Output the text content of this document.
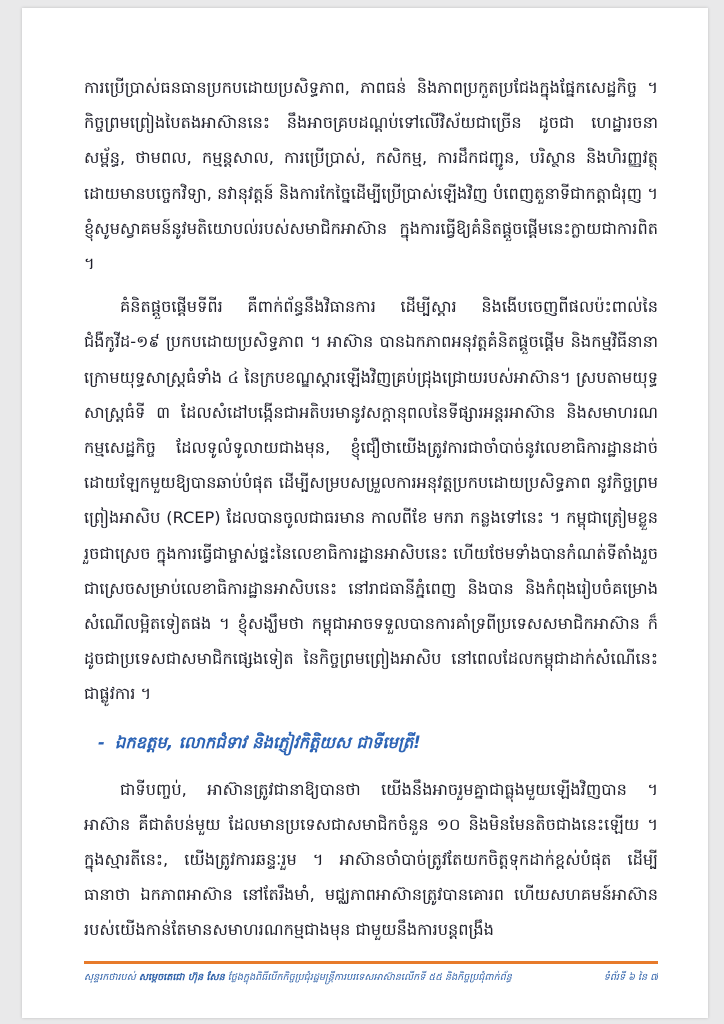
ការប្រើប្រាស់ធនធានប្រកបដោយប្រសិទ្ធភាព, ភាពធន់ និងភាពប្រកួតប្រជែងក្នុងផ្នែកសេដ្ឋកិច្ច ។ កិច្ចព្រមព្រៀងបៃតងអាស៊ាននេះ នឹងអាចគ្របដណ្ដប់ទៅលើវិស័យជាច្រើន ដូចជា ហេដ្ឋារចនាសម្ព័ន្ធ, ថាមពល, កម្មន្តសាល, ការប្រើប្រាស់, កសិកម្ម, ការដឹកជញ្ជូន, បរិស្ថាន និងហិរញ្ញវត្ថុ ដោយមានបច្ចេកវិទ្យា, នវានុវត្តន៍ និងការកែច្នៃដើម្បីប្រើប្រាស់ឡើងវិញ បំពេញតួនាទីជាកត្តាជំរុញ ។ ខ្ញុំសូមស្វាគមន៍នូវមតិយោបល់របស់សមាជិកអាស៊ាន ក្នុងការធ្វើឱ្យគំនិតផ្តួចផ្តើមនេះក្លាយជាការពិត ។

គំនិតផ្តួចផ្តើមទីពីរ គឺពាក់ព័ន្ធនឹងវិធានការ ដើម្បីស្តារ និងងើបចេញពីផលប៉ះពាល់នៃជំងឺកូវីដ-១៩ ប្រកបដោយប្រសិទ្ធភាព ។ អាស៊ាន បានឯកភាពអនុវត្តគំនិតផ្តួចផ្តើម និងកម្មវិធីនានា ក្រោមយុទ្ធសាស្ត្រធំទាំង ៤ នៃក្របខណ្ឌស្តារឡើងវិញគ្រប់ជ្រុងជ្រោយរបស់អាស៊ាន។ ស្របតាមយុទ្ធសាស្ត្រធំទី ៣ ដែលសំដៅបង្កើនជាអតិបរមានូវសក្តានុពលនៃទីផ្សារអន្តរអាស៊ាន និងសមាហរណកម្មសេដ្ឋកិច្ច ដែលទូលំទូលាយជាងមុន, ខ្ញុំជឿថាយើងត្រូវការជាចាំបាច់នូវលេខាធិការដ្ឋានដាច់ដោយឡែកមួយឱ្យបានឆាប់បំផុត ដើម្បីសម្របសម្រួលការអនុវត្តប្រកបដោយប្រសិទ្ធភាព នូវកិច្ចព្រមព្រៀងអាសិប (RCEP) ដែលបានចូលជាធរមាន កាលពីខែ មករា កន្លងទៅនេះ ។ កម្ពុជាត្រៀមខ្លួនរួចជាស្រេច ក្នុងការធ្វើជាម្ចាស់ផ្ទះនៃលេខាធិការដ្ឋានអាសិបនេះ ហើយថែមទាំងបានកំណត់ទីតាំងរួចជាស្រេចសម្រាប់លេខាធិការដ្ឋានអាសិបនេះ នៅរាជធានីភ្នំពេញ និងបាន និងកំពុងរៀបចំគម្រោងសំណើលម្អិតទៀតផង ។ ខ្ញុំសង្ឃឹមថា កម្ពុជាអាចទទួលបានការគាំទ្រពីប្រទេសសមាជិកអាស៊ាន ក៏ដូចជាប្រទេសជាសមាជិកផ្សេងទៀត នៃកិច្ចព្រមព្រៀងអាសិប នៅពេលដែលកម្ពុជាដាក់សំណើនេះជាផ្លូវការ ។

- ឯកឧត្តម, លោកជំទាវ និងភ្ញៀវកិត្តិយស ជាទីមេត្រី!

ជាទីបញ្ចប់, អាស៊ានត្រូវជានាឱ្យបានថា យើងនឹងអាចរួមគ្នាជាធ្លុងមួយឡើងវិញបាន ។ អាស៊ាន គឺជាតំបន់មួយ ដែលមានប្រទេសជាសមាជិកចំនួន ១០ និងមិនមែនតិចជាងនេះឡើយ ។ ក្នុងស្មារតីនេះ, យើងត្រូវការឆន្ទៈរួម ។ អាស៊ានចាំបាច់ត្រូវតែយកចិត្តទុកដាក់ខ្ពស់បំផុត ដើម្បីធានាថា ឯកភាពអាស៊ាន នៅតែរឹងមាំ, មជ្ឈភាពអាស៊ានត្រូវបានគោរព ហើយសហគមន៍អាស៊ានរបស់យើងកាន់តែមានសមាហរណកម្មជាងមុន ជាមួយនឹងការបន្តពង្រឹង

សុន្ទរកថារបស់ សម្តេចតេជោ ហ៊ុន សែន ថ្លែងក្នុងពិធីបើកកិច្ចប្រជុំរដ្ឋមន្ត្រីការបរទេសអាស៊ានលើកទី ៥៥ និងកិច្ចប្រជុំពាក់ព័ន្ធ	ទំព័រទី ៦ នៃ ៧
